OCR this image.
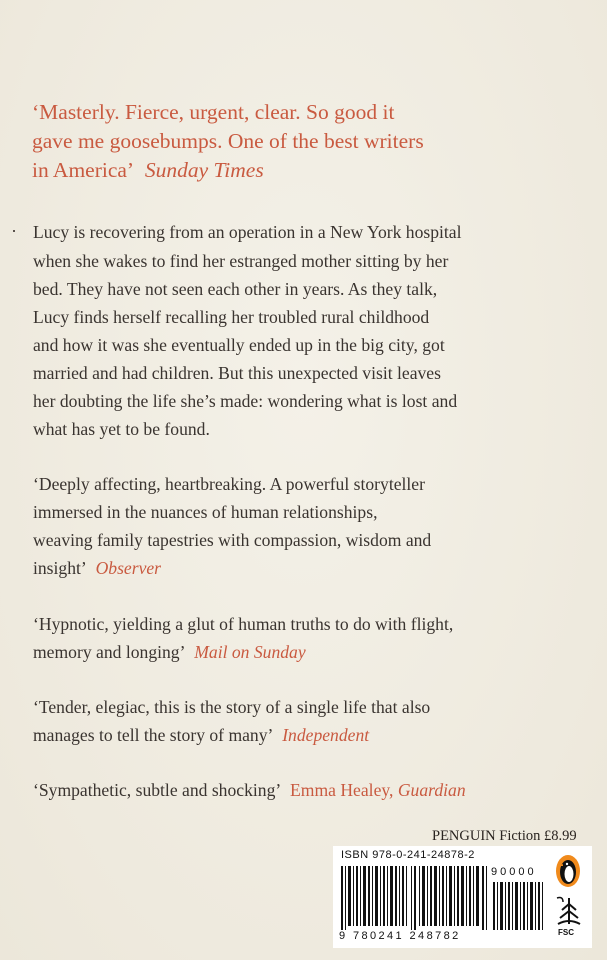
‘Masterly. Fierce, urgent, clear. So good it
gave me goosebumps. One of the best writers
in America’ Sunday Times
Lucy is recovering from an operation in a New York hospital
when she wakes to find her estranged mother sitting by her
bed. They have not seen each other in years. As they talk,
Lucy finds herself recalling her troubled rural childhood
and how it was she eventually ended up in the big city, got
married and had children. But this unexpected visit leaves
her doubting the life she’s made: wondering what is lost and
what has yet to be found.
‘Deeply affecting, heartbreaking. A powerful storyteller
immersed in the nuances of human relationships,
weaving family tapestries with compassion, wisdom and
insight’ Observer
‘Hypnotic, yielding a glut of human truths to do with flight,
memory and longing’ Mail on Sunday
‘Tender, elegiac, this is the story of a single life that also
manages to tell the story of many’ Independent
‘Sympathetic, subtle and shocking’ Emma Healey, Guardian
PENGUIN Fiction £8.99
ISBN 978-0-241-24878-2
90000
9 780241 248782	FSC
